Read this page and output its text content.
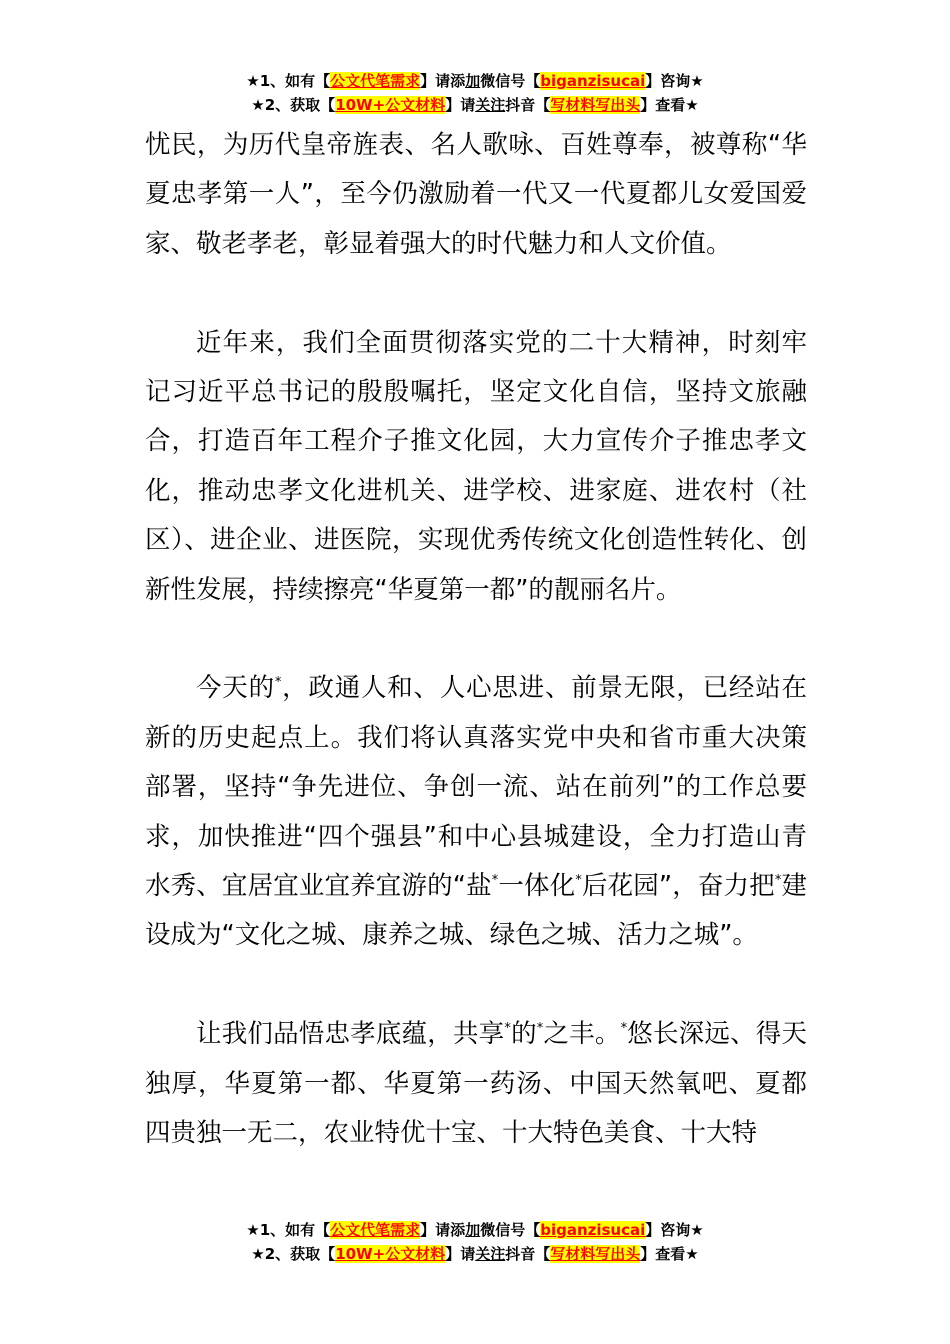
★1、如有【公文代笔需求】请添加微信号【biganzisucai】咨询★
★2、获取【10W+公文材料】请关注抖音【写材料写出头】查看★

忧民，为历代皇帝旌表、名人歌咏、百姓尊奉，被尊称“华夏忠孝第一人”，至今仍激励着一代又一代夏都儿女爱国爱家、敬老孝老，彰显着强大的时代魅力和人文价值。

近年来，我们全面贯彻落实党的二十大精神，时刻牢记习近平总书记的殷殷嘱托，坚定文化自信，坚持文旅融合，打造百年工程介子推文化园，大力宣传介子推忠孝文化，推动忠孝文化进机关、进学校、进家庭、进农村（社区）、进企业、进医院，实现优秀传统文化创造性转化、创新性发展，持续擦亮“华夏第一都”的靓丽名片。

今天的*，政通人和、人心思进、前景无限，已经站在新的历史起点上。我们将认真落实党中央和省市重大决策部署，坚持“争先进位、争创一流、站在前列”的工作总要求，加快推进“四个强县”和中心县城建设，全力打造山青水秀、宜居宜业宜养宜游的“盐*一体化*后花园”，奋力把*建设成为“文化之城、康养之城、绿色之城、活力之城”。

让我们品悟忠孝底蕴，共享*的*之丰。*悠长深远、得天独厚，华夏第一都、华夏第一药汤、中国天然氧吧、夏都四贵独一无二，农业特优十宝、十大特色美食、十大特

★1、如有【公文代笔需求】请添加微信号【biganzisucai】咨询★
★2、获取【10W+公文材料】请关注抖音【写材料写出头】查看★
